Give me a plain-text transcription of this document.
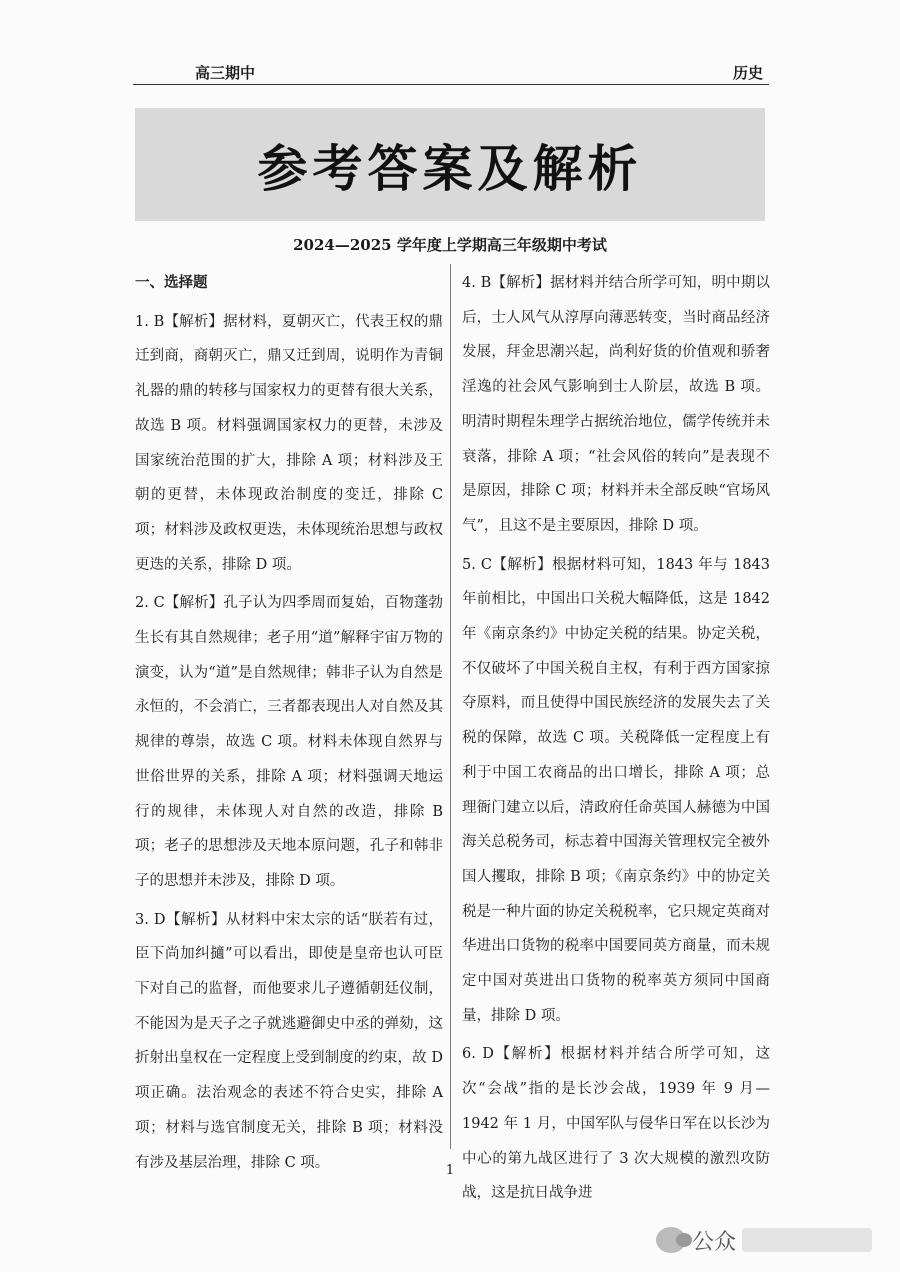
高三期中	历史
参考答案及解析
2024—2025 学年度上学期高三年级期中考试

一、选择题

1. B【解析】据材料，夏朝灭亡，代表王权的鼎迁到商，商朝灭亡，鼎又迁到周，说明作为青铜礼器的鼎的转移与国家权力的更替有很大关系，故选 B 项。材料强调国家权力的更替，未涉及国家统治范围的扩大，排除 A 项；材料涉及王朝的更替，未体现政治制度的变迁，排除 C 项；材料涉及政权更迭，未体现统治思想与政权更迭的关系，排除 D 项。

2. C【解析】孔子认为四季周而复始，百物蓬勃生长有其自然规律；老子用“道”解释宇宙万物的演变，认为“道”是自然规律；韩非子认为自然是永恒的，不会消亡，三者都表现出人对自然及其规律的尊崇，故选 C 项。材料未体现自然界与世俗世界的关系，排除 A 项；材料强调天地运行的规律，未体现人对自然的改造，排除 B 项；老子的思想涉及天地本原问题，孔子和韩非子的思想并未涉及，排除 D 项。

3. D【解析】从材料中宋太宗的话“朕若有过，臣下尚加纠擿”可以看出，即使是皇帝也认可臣下对自己的监督，而他要求儿子遵循朝廷仪制，不能因为是天子之子就逃避御史中丞的弹劾，这折射出皇权在一定程度上受到制度的约束，故 D 项正确。法治观念的表述不符合史实，排除 A 项；材料与选官制度无关，排除 B 项；材料没有涉及基层治理，排除 C 项。

4. B【解析】据材料并结合所学可知，明中期以后，士人风气从淳厚向薄恶转变，当时商品经济发展，拜金思潮兴起，尚利好货的价值观和骄奢淫逸的社会风气影响到士人阶层，故选 B 项。明清时期程朱理学占据统治地位，儒学传统并未衰落，排除 A 项；“社会风俗的转向”是表现不是原因，排除 C 项；材料并未全部反映“官场风气”，且这不是主要原因，排除 D 项。

5. C【解析】根据材料可知，1843 年与 1843 年前相比，中国出口关税大幅降低，这是 1842 年《南京条约》中协定关税的结果。协定关税，不仅破坏了中国关税自主权，有利于西方国家掠夺原料，而且使得中国民族经济的发展失去了关税的保障，故选 C 项。关税降低一定程度上有利于中国工农商品的出口增长，排除 A 项；总理衙门建立以后，清政府任命英国人赫德为中国海关总税务司，标志着中国海关管理权完全被外国人攫取，排除 B 项；《南京条约》中的协定关税是一种片面的协定关税税率，它只规定英商对华进出口货物的税率中国要同英方商量，而未规定中国对英进出口货物的税率英方须同中国商量，排除 D 项。

6. D【解析】根据材料并结合所学可知，这次“会战”指的是长沙会战，1939 年 9 月—1942 年 1 月，中国军队与侵华日军在以长沙为中心的第九战区进行了 3 次大规模的激烈攻防战，这是抗日战争进

1
公众
